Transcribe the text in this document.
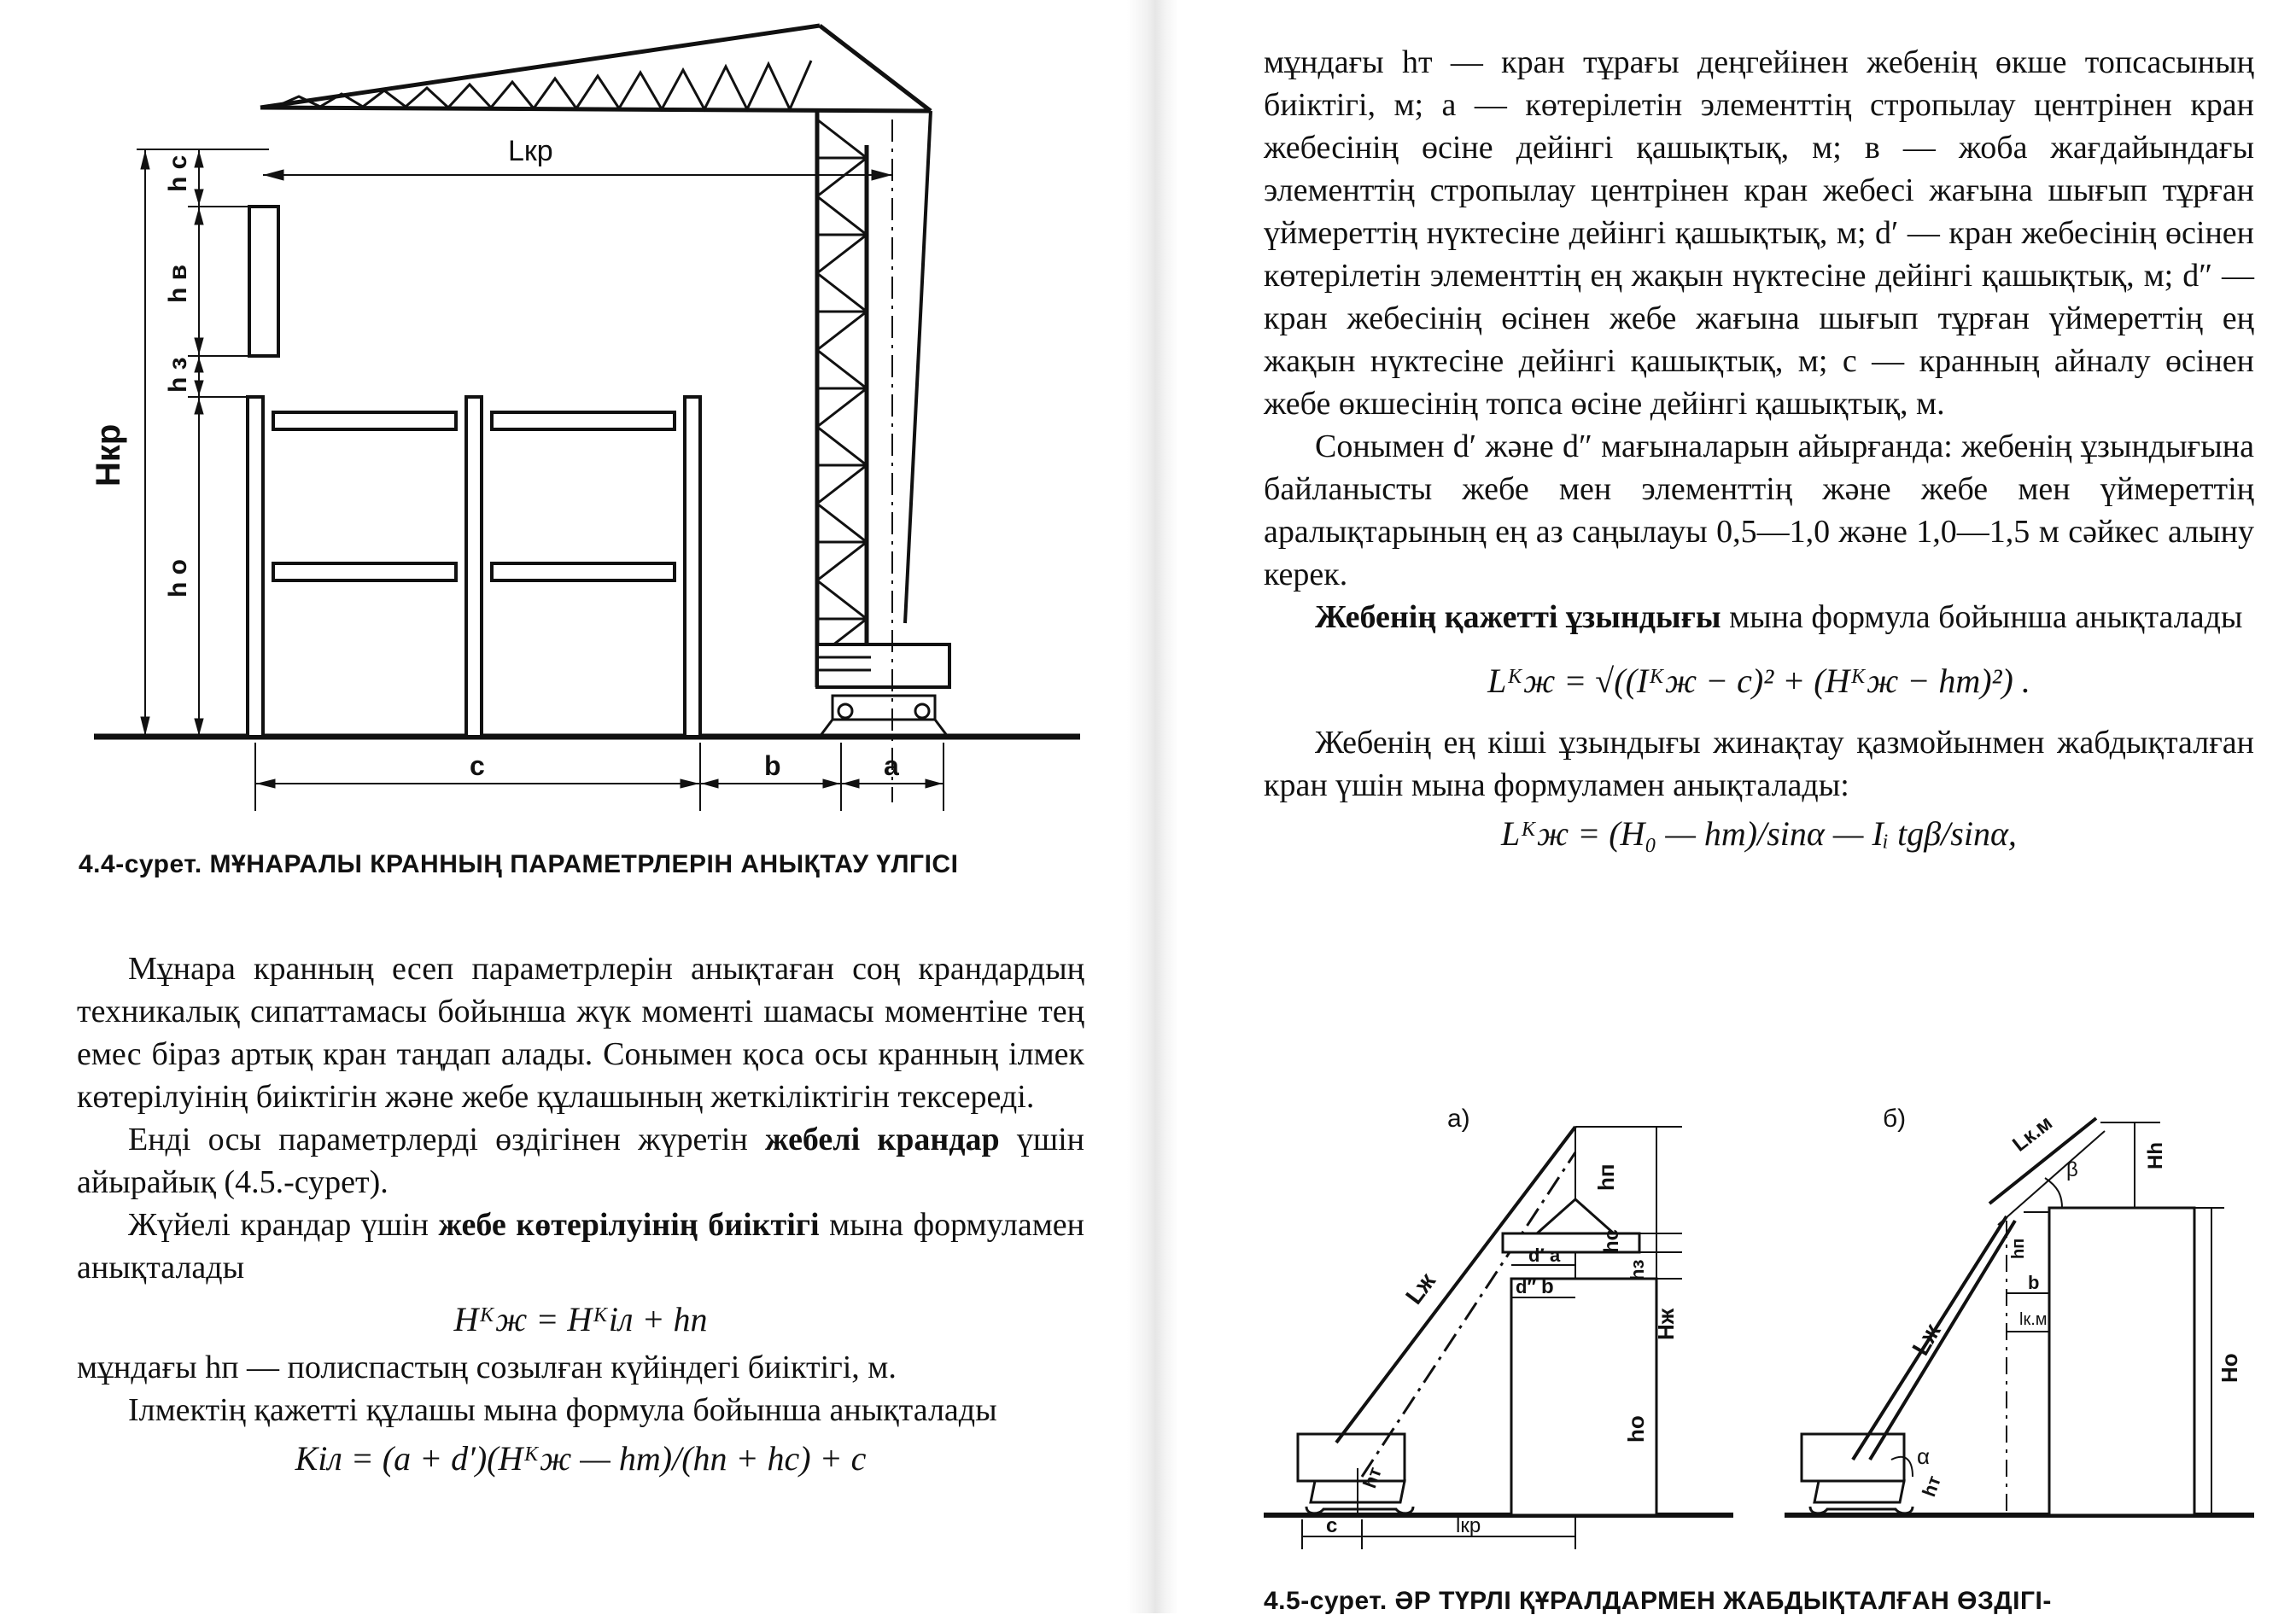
Lкр
Hкр
h c
h в
h з
h o
c	b	a
4.4-сурет. МҰНАРАЛЫ КРАННЫҢ ПАРАМЕТРЛЕРІН АНЫҚТАУ ҮЛГІСІ

Мұнара кранның есеп параметрлерін анықтаған соң крандардың техникалық сипаттамасы бойынша жүк моменті шамасы моментіне тең емес біраз артық кран таңдап алады. Сонымен қоса осы кранның ілмек көтерілуінің биіктігін және жебе құлашының жеткіліктігін тексереді.

Енді осы параметрлерді өздігінен жүретін жебелі крандар үшін айырайық (4.5.-сурет).

Жүйелі крандар үшін жебе көтерілуінің биіктігі мына формуламен анықталады

Hᴷж = Hᴷіл + hп

мұндағы hп — полиспастың созылған күйіндегі биіктігі, м.

Ілмектің қажетті құлашы мына формула бойынша анықталады

Кіл = (a + d′)(Hᴷж — hт)/(hп + hс) + c

мұндағы hт — кран тұрағы деңгейінен жебенің өкше топсасының биіктігі, м; a — көтерілетін элементтің стропылау центрінен кран жебесінің өсіне дейінгі қашықтық, м; в — жоба жағдайындағы элементтің стропылау центрінен кран жебесі жағына шығып тұрған үймереттің нүктесіне дейінгі қашықтық, м; d′ — кран жебесінің өсінен көтерілетін элементтің ең жақын нүктесіне дейінгі қашықтық, м; d″ — кран жебесінің өсінен жебе жағына шығып тұрған үймереттің ең жақын нүктесіне дейінгі қашықтық, м; с — кранның айналу өсінен жебе өкшесінің топса өсіне дейінгі қашықтық, м.

Сонымен d′ және d″ мағыналарын айырғанда: жебенің ұзындығына байланысты жебе мен элементтің және жебе мен үймереттің аралықтарының ең аз саңылауы 0,5—1,0 және 1,0—1,5 м сәйкес алыну керек.

Жебенің қажетті ұзындығы мына формула бойынша анықталады

Lᴷж = √((Iᴷж − c)² + (Hᴷж − hт)²) .

Жебенің ең кіші ұзындығы жинақтау қазмойынмен жабдықталған кран үшін мына формуламен анықталады:

Lᴷж = (H₀ — hт)/sinα — Iᵢ tgβ/sinα,
а)	б)
hп
hс
hз
Hж
hо
d′
d″
a
b
Lж
hт
c	lкр
Lк.м
β
Hһ
Lж
α
hт
b
lк.м
Hо
hп
4.5-сурет. ӘР ТҮРЛІ ҚҰРАЛДАРМЕН ЖАБДЫҚТАЛҒАН ӨЗДІГІ-
